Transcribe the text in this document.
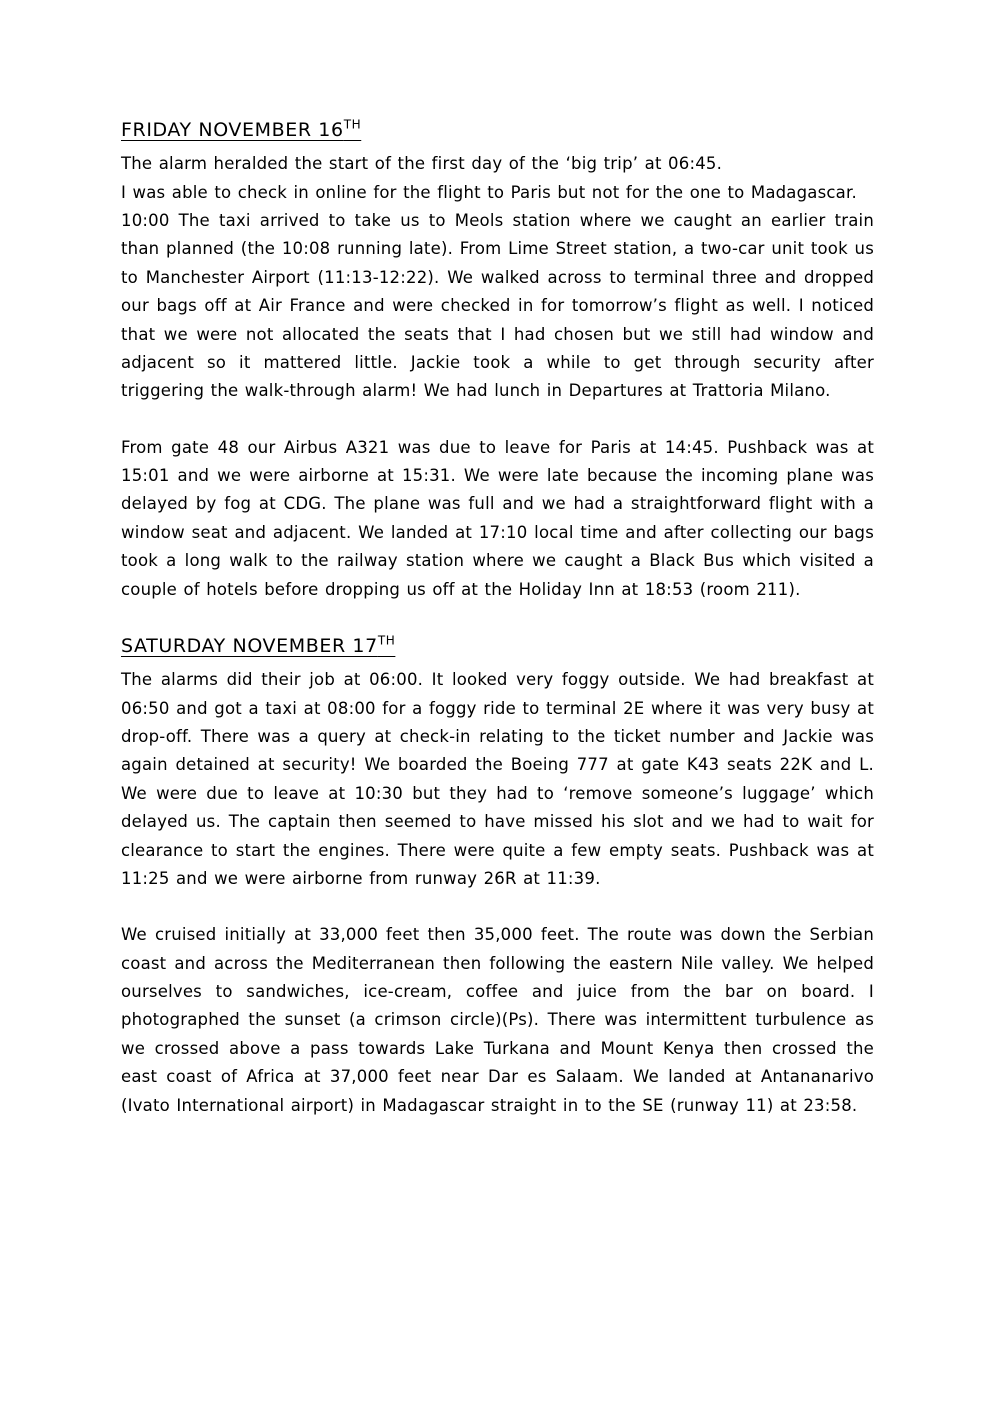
FRIDAY NOVEMBER 16TH

The alarm heralded the start of the first day of the ‘big trip’ at 06:45.

I was able to check in online for the flight to Paris but not for the one to Madagascar.

10:00 The taxi arrived to take us to Meols station where we caught an earlier train than planned (the 10:08 running late). From Lime Street station, a two-car unit took us to Manchester Airport (11:13-12:22). We walked across to terminal three and dropped our bags off at Air France and were checked in for tomorrow’s flight as well. I noticed that we were not allocated the seats that I had chosen but we still had window and adjacent so it mattered little. Jackie took a while to get through security after triggering the walk-through alarm! We had lunch in Departures at Trattoria Milano.

From gate 48 our Airbus A321 was due to leave for Paris at 14:45. Pushback was at 15:01 and we were airborne at 15:31. We were late because the incoming plane was delayed by fog at CDG. The plane was full and we had a straightforward flight with a window seat and adjacent. We landed at 17:10 local time and after collecting our bags took a long walk to the railway station where we caught a Black Bus which visited a couple of hotels before dropping us off at the Holiday Inn at 18:53 (room 211).

SATURDAY NOVEMBER 17TH

The alarms did their job at 06:00. It looked very foggy outside. We had breakfast at 06:50 and got a taxi at 08:00 for a foggy ride to terminal 2E where it was very busy at drop-off. There was a query at check-in relating to the ticket number and Jackie was again detained at security! We boarded the Boeing 777 at gate K43 seats 22K and L. We were due to leave at 10:30 but they had to ‘remove someone’s luggage’ which delayed us. The captain then seemed to have missed his slot and we had to wait for clearance to start the engines. There were quite a few empty seats. Pushback was at 11:25 and we were airborne from runway 26R at 11:39.

We cruised initially at 33,000 feet then 35,000 feet. The route was down the Serbian coast and across the Mediterranean then following the eastern Nile valley. We helped ourselves to sandwiches, ice-cream, coffee and juice from the bar on board. I photographed the sunset (a crimson circle)(Ps). There was intermittent turbulence as we crossed above a pass towards Lake Turkana and Mount Kenya then crossed the east coast of Africa at 37,000 feet near Dar es Salaam. We landed at Antananarivo (Ivato International airport) in Madagascar straight in to the SE (runway 11) at 23:58.
